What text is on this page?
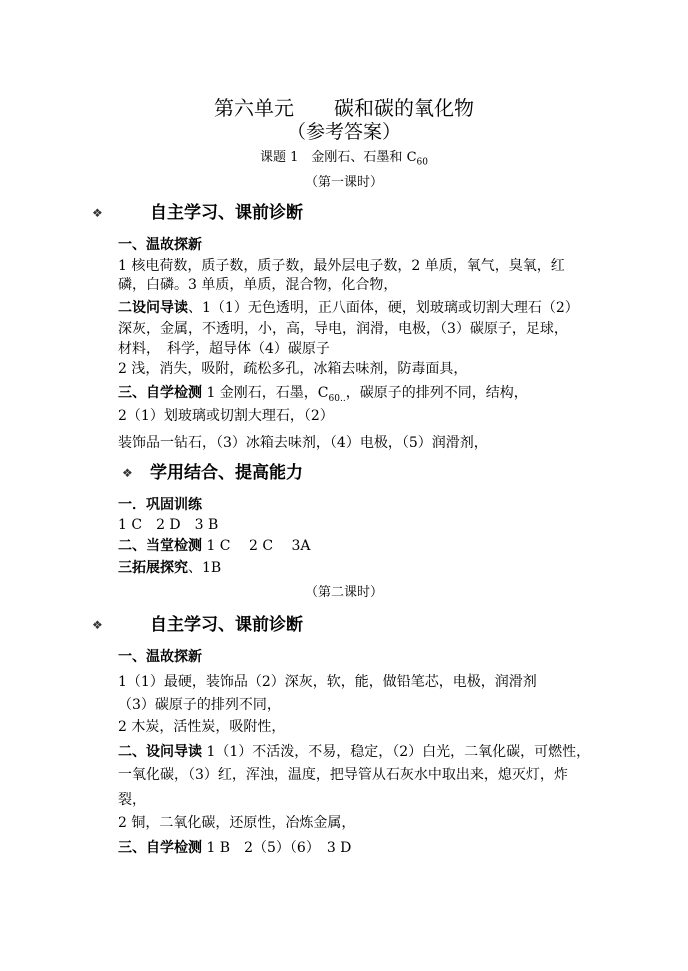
第六单元　　碳和碳的氧化物
（参考答案）
课题 1　金刚石、石墨和 $C_{60}$
（第一课时）
❖	自主学习、课前诊断
一、温故探新
1 核电荷数，质子数，质子数，最外层电子数，2 单质，氧气，臭氧，红
磷，白磷。3 单质，单质，混合物，化合物，
二设问导读、1（1）无色透明，正八面体，硬，划玻璃或切割大理石（2）
深灰，金属，不透明，小，高，导电，润滑，电极，（3）碳原子，足球，
材料，　科学，超导体（4）碳原子
2 浅，消失，吸附，疏松多孔，冰箱去味剂，防毒面具，
三、自学检测 1 金刚石，石墨，$C_{60..}$，碳原子的排列不同，结构，
2（1）划玻璃或切割大理石，（2）
装饰品一钻石，（3）冰箱去味剂，（4）电极，（5）润滑剂，
❖ 学用结合、提高能力
一．巩固训练
1 C　2 D　3 B
二、当堂检测 1 C　 2 C　 3A
三拓展探究、1B
（第二课时）
❖	自主学习、课前诊断
一、温故探新
1（1）最硬，装饰品（2）深灰，软，能，做铅笔芯，电极，润滑剂
（3）碳原子的排列不同，
2 木炭，活性炭，吸附性，
二、设问导读 1（1）不活泼，不易，稳定，（2）白光，二氧化碳，可燃性，
一氧化碳，（3）红，浑浊，温度，把导管从石灰水中取出来，熄灭灯，炸
裂，
2 铜，二氧化碳，还原性，冶炼金属，
三、自学检测 1 B　2（5）（6）　3 D
